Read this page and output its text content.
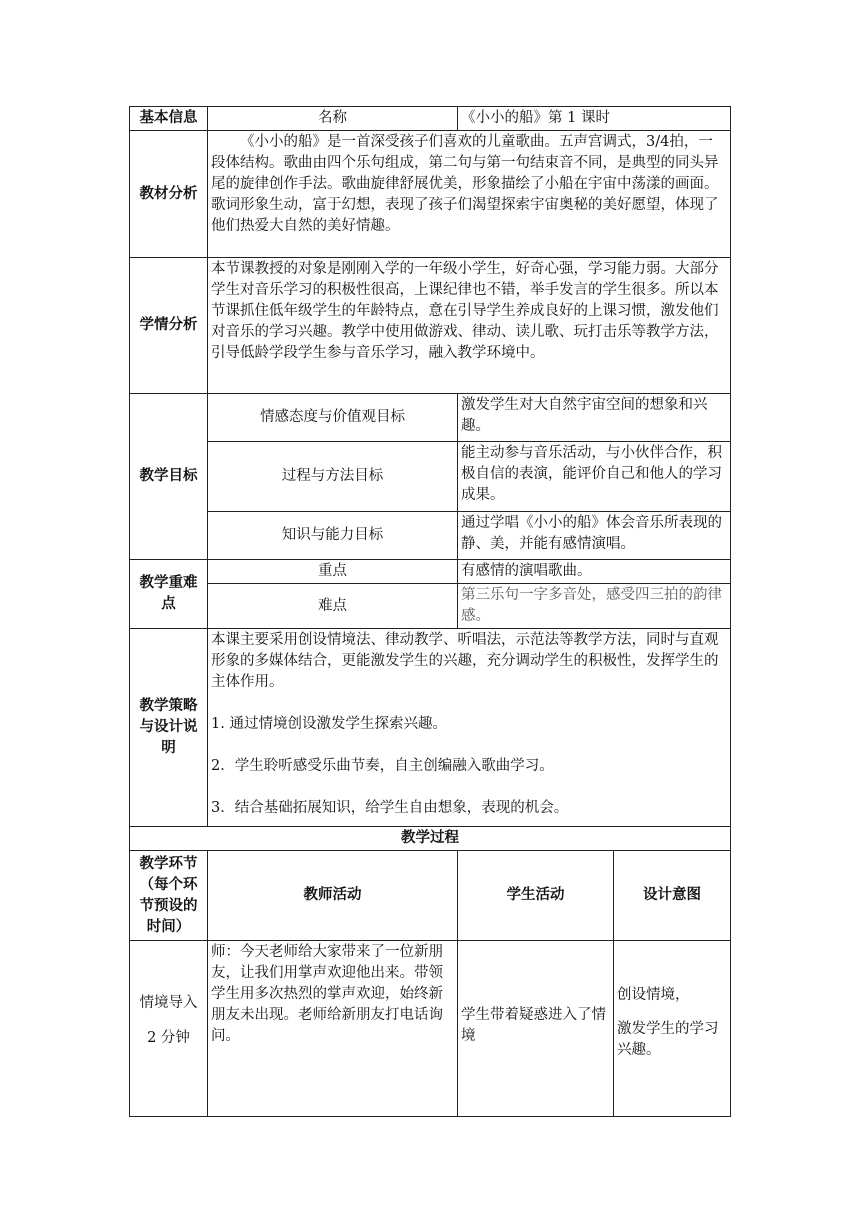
基本信息	名称	《小小的船》第 1 课时	
教材分析	《小小的船》是一首深受孩子们喜欢的儿童歌曲。五声宫调式，3/4拍，一段体结构。歌曲由四个乐句组成，第二句与第一句结束音不同，是典型的同头异尾的旋律创作手法。歌曲旋律舒展优美，形象描绘了小船在宇宙中荡漾的画面。歌词形象生动，富于幻想，表现了孩子们渴望探索宇宙奥秘的美好愿望，体现了他们热爱大自然的美好情趣。		
学情分析	本节课教授的对象是刚刚入学的一年级小学生，好奇心强，学习能力弱。大部分学生对音乐学习的积极性很高，上课纪律也不错，举手发言的学生很多。所以本节课抓住低年级学生的年龄特点，意在引导学生养成良好的上课习惯，激发他们对音乐的学习兴趣。教学中使用做游戏、律动、读儿歌、玩打击乐等教学方法，引导低龄学段学生参与音乐学习，融入教学环境中。		
教学目标	情感态度与价值观目标	激发学生对大自然宇宙空间的想象和兴趣。	
	过程与方法目标	能主动参与音乐活动，与小伙伴合作，积极自信的表演，能评价自己和他人的学习成果。	
	知识与能力目标	通过学唱《小小的船》体会音乐所表现的静、美，并能有感情演唱。	
教学重难点	重点	有感情的演唱歌曲。	
	难点	第三乐句一字多音处，感受四三拍的韵律感。	
教学策略与设计说明	本课主要采用创设情境法、律动教学、听唱法，示范法等教学方法，同时与直观形象的多媒体结合，更能激发学生的兴趣，充分调动学生的积极性，发挥学生的主体作用。
1. 通过情境创设激发学生探索兴趣。
2．学生聆听感受乐曲节奏，自主创编融入歌曲学习。
3．结合基础拓展知识，给学生自由想象，表现的机会。		

教学过程			
教学环节（每个环节预设的时间）	教师活动	学生活动	设计意图

情境导入
2 分钟	师：今天老师给大家带来了一位新朋友，让我们用掌声欢迎他出来。带领学生用多次热烈的掌声欢迎，始终新朋友未出现。老师给新朋友打电话询问。	学生带着疑惑进入了情境	创设情境，
激发学生的学习兴趣。
